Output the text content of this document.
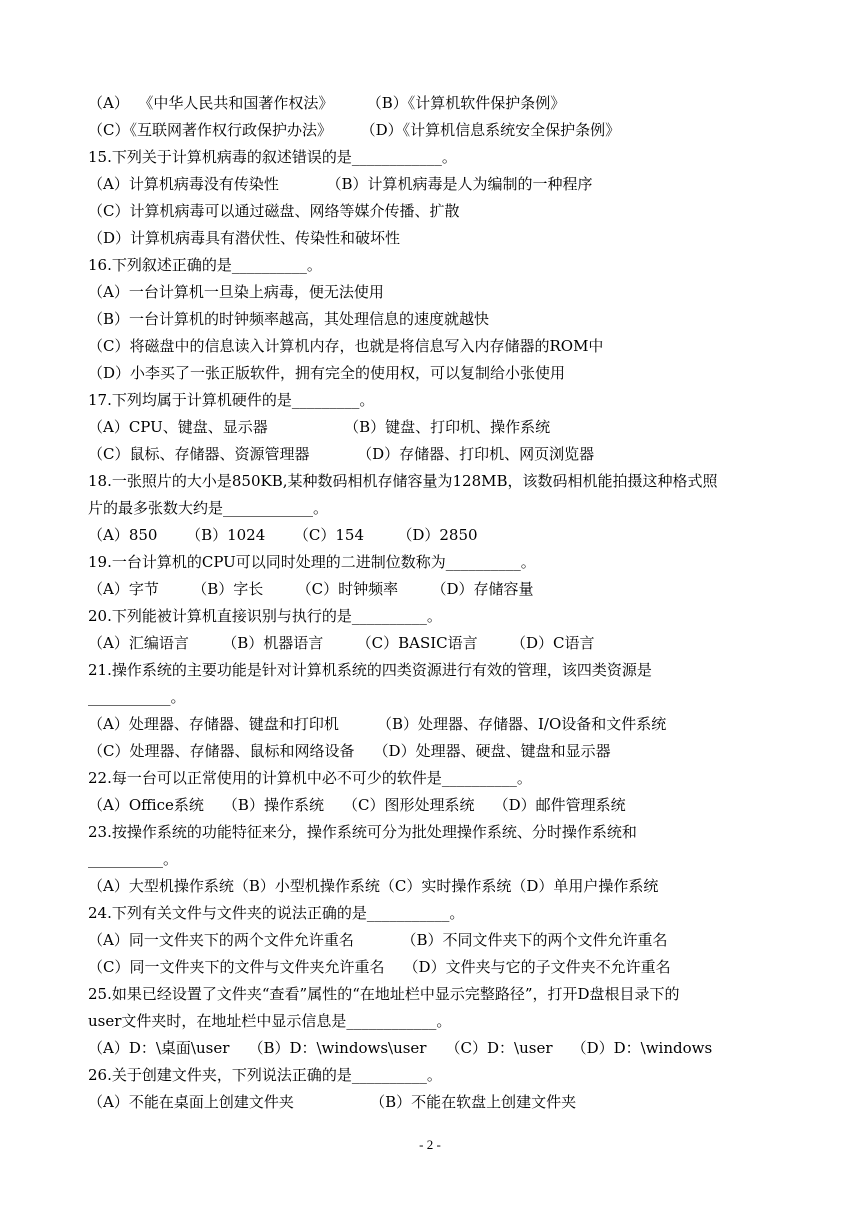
（A）  《中华人民共和国著作权法》       （B）《计算机软件保护条例》
（C）《互联网著作权行政保护办法》      （D）《计算机信息系统安全保护条例》
15.下列关于计算机病毒的叙述错误的是____________。
（A）计算机病毒没有传染性          （B）计算机病毒是人为编制的一种程序
（C）计算机病毒可以通过磁盘、网络等媒介传播、扩散
（D）计算机病毒具有潜伏性、传染性和破坏性
16.下列叙述正确的是__________。
（A）一台计算机一旦染上病毒，便无法使用
（B）一台计算机的时钟频率越高，其处理信息的速度就越快
（C）将磁盘中的信息读入计算机内存，也就是将信息写入内存储器的ROM中
（D）小李买了一张正版软件，拥有完全的使用权，可以复制给小张使用
17.下列均属于计算机硬件的是_________。
（A）CPU、键盘、显示器                （B）键盘、打印机、操作系统
（C）鼠标、存储器、资源管理器          （D）存储器、打印机、网页浏览器
18.一张照片的大小是850KB,某种数码相机存储容量为128MB，该数码相机能拍摄这种格式照
片的最多张数大约是____________。
（A）850      （B）1024      （C）154       （D）2850
19.一台计算机的CPU可以同时处理的二进制位数称为__________。
（A）字节       （B）字长       （C）时钟频率       （D）存储容量
20.下列能被计算机直接识别与执行的是__________。
（A）汇编语言       （B）机器语言       （C）BASIC语言       （D）C语言
21.操作系统的主要功能是针对计算机系统的四类资源进行有效的管理，该四类资源是
___________。
（A）处理器、存储器、键盘和打印机        （B）处理器、存储器、I/O设备和文件系统
（C）处理器、存储器、鼠标和网络设备    （D）处理器、硬盘、键盘和显示器
22.每一台可以正常使用的计算机中必不可少的软件是__________。
（A）Office系统    （B）操作系统    （C）图形处理系统    （D）邮件管理系统
23.按操作系统的功能特征来分，操作系统可分为批处理操作系统、分时操作系统和
__________。
（A）大型机操作系统（B）小型机操作系统（C）实时操作系统（D）单用户操作系统
24.下列有关文件与文件夹的说法正确的是___________。
（A）同一文件夹下的两个文件允许重名          （B）不同文件夹下的两个文件允许重名
（C）同一文件夹下的文件与文件夹允许重名    （D）文件夹与它的子文件夹不允许重名
25.如果已经设置了文件夹“查看”属性的“在地址栏中显示完整路径”，打开D盘根目录下的
user文件夹时，在地址栏中显示信息是____________。
（A）D：\桌面\user    （B）D：\windows\user    （C）D：\user    （D）D：\windows
26.关于创建文件夹，下列说法正确的是__________。
（A）不能在桌面上创建文件夹                （B）不能在软盘上创建文件夹
- 2 -
